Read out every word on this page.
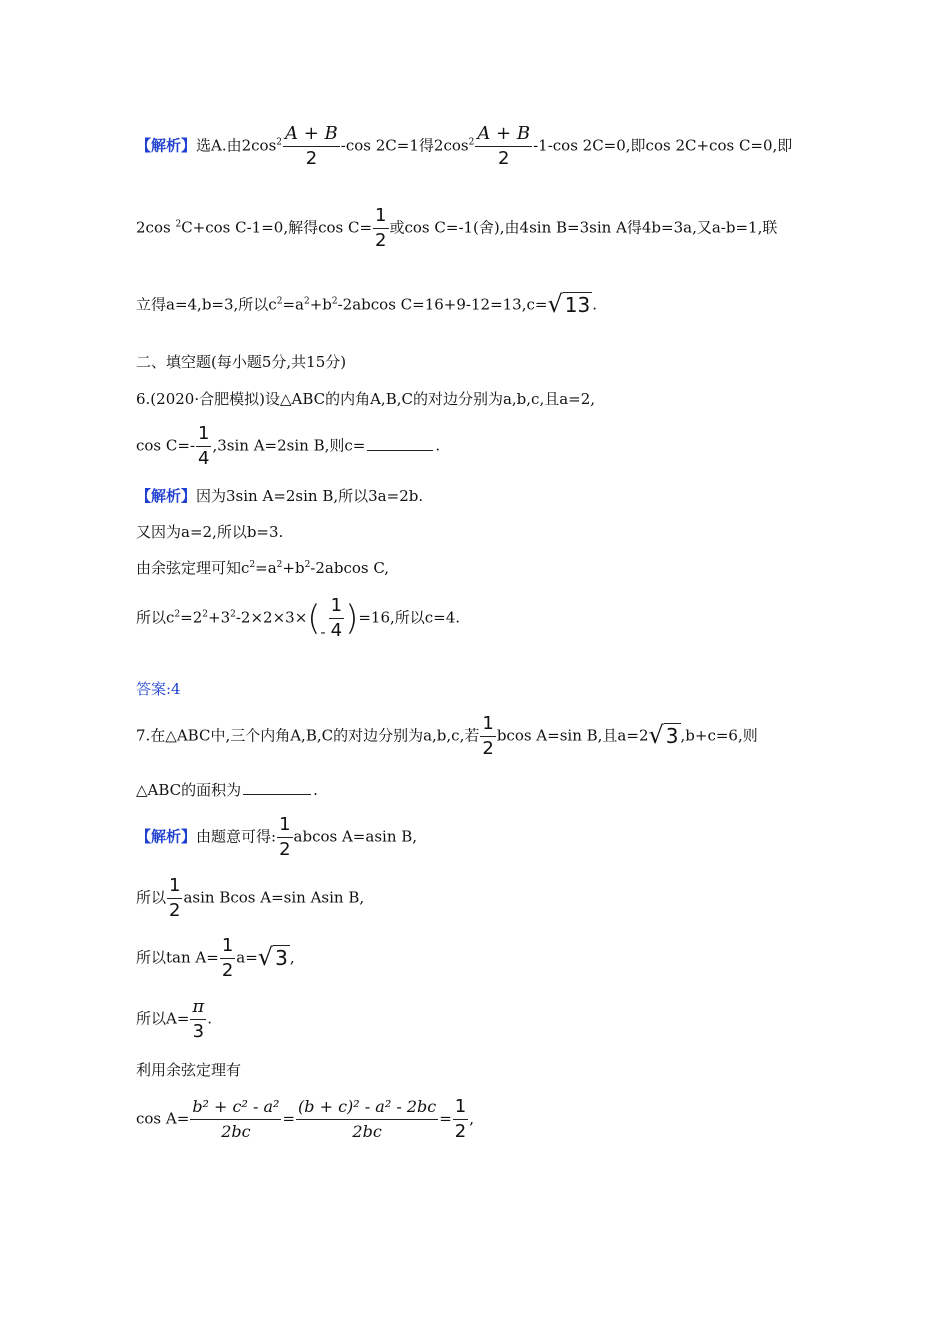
【解析】选A.由$2\cos^2 \frac{A + B}{2} -\cos$ 2C=1得$2\cos^2 \frac{A + B}{2} -1-\cos$ 2C=0,即cos 2C+cos C=0,即
2cos $^2$C+cos C-1=0,解得$\cos C= \frac{1}{2}$ 或cos C=-1(舍),由4sin B=3sin A得4b=3a,又a-b=1,联
立得a=4,b=3,所以$c^2=a^2+b^2-2abcos$ C=16+9-12=13,c=√ 13 .
二、填空题(每小题5分,共15分)
6.(2020·合肥模拟)设△ABC的内角A,B,C的对边分别为a,b,c,且a=2,
$\cos C=- \frac{1}{4} ,3\sin$ A=2sin B,则c=	.
【解析】因为3sin A=2sin B,所以3a=2b.
又因为a=2,所以b=3.
由余弦定理可知$c^2=a^2+b^2-2abcos$ C,
所以$c^2=2^2+3^2-2\times 2\times 3\times(- \frac{1}{4} )=16$,所以c=4.
答案:4
7.在△ABC中,三个内角A,B,C的对边分别为a,b,c,若 $\frac{1}{2}$ bcos A=sin B,且a=2√ 3 ,b+c=6,则
△ABC的面积为	.
【解析】由题意可得: $\frac{1}{2}$ abcos A=asin B,
所以 $\frac{1}{2}$ asin Bcos A=sin Asin B,
所以$\tan A= \frac{1}{2} a=√$ 3 ,
所以$A= \frac{\pi}{3}$ .
利用余弦定理有
$\cos A= \frac{\text{b² + c² - a²}}{2bc} = \frac{\text{(b + c)² - a² - 2bc}}{2bc} = \frac{1}{2}$ ,
